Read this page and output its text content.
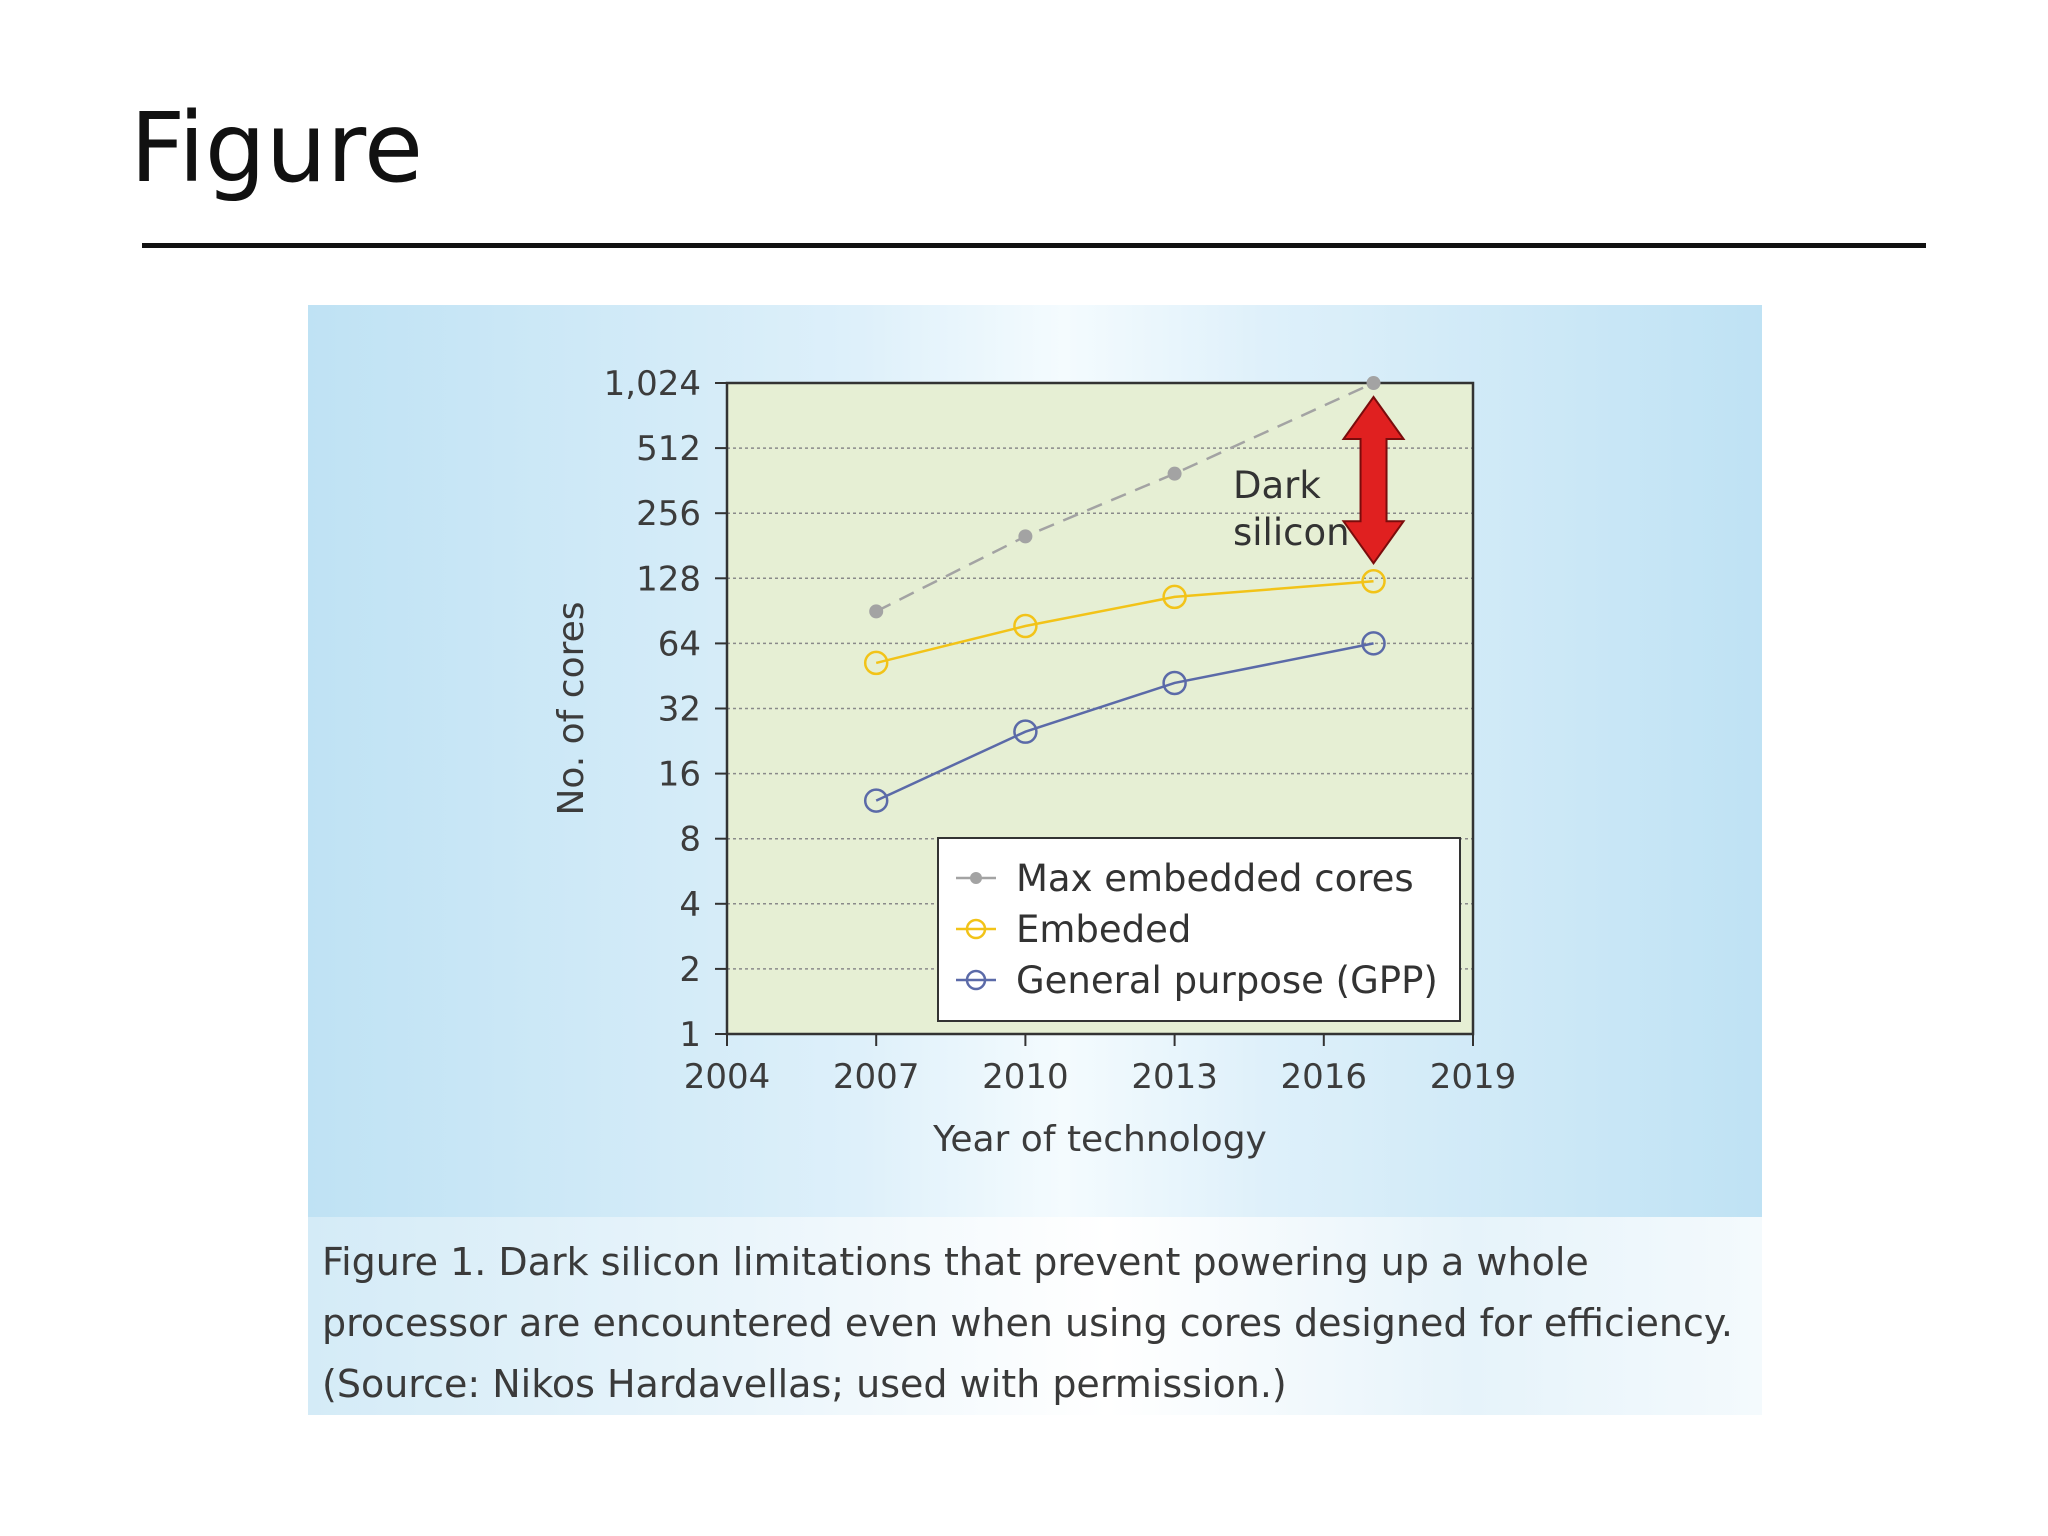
Figure
1
2
4
8
16
32
64
128
256
512
1,024
2004 2007 2010 2013 2016 2019
Year of technology
No. of cores
Dark
silicon
Max embedded cores
Embeded
General purpose (GPP)
Figure 1. Dark silicon limitations that prevent powering up a whole
processor are encountered even when using cores designed for efficiency.
(Source: Nikos Hardavellas; used with permission.)
